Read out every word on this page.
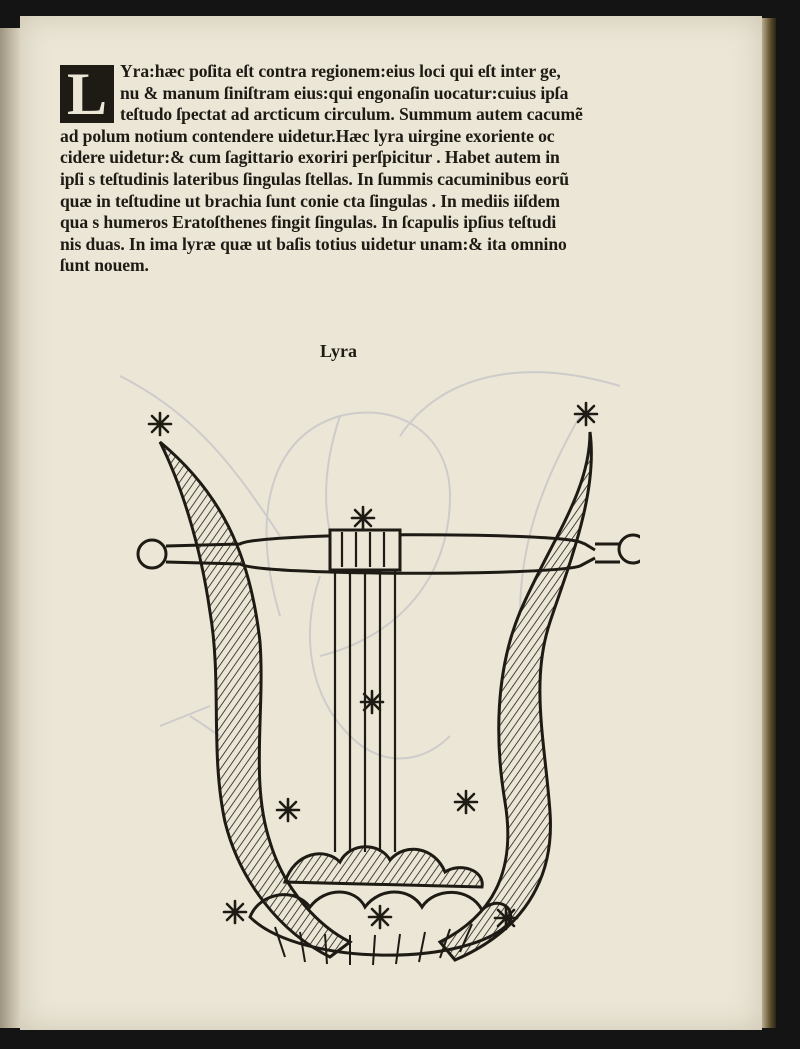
L Yra:hæc poſita eſt contra regionem:eius loci qui eſt inter ge,
nu & manum ſiniſtram eius:qui engonaſin uocatur:cuius ipſa
teſtudo ſpectat ad arcticum circulum. Summum autem cacumẽ
ad polum notium contendere uidetur.Hæc lyra uirgine exoriente oc
cidere uidetur:& cum ſagittario exoriri perſpicitur . Habet autem in
ipſi s teſtudinis lateribus ſingulas ſtellas. In ſummis cacuminibus eorũ
quæ in teſtudine ut brachia ſunt conie cta ſingulas . In mediis iiſdem
qua s humeros Eratoſthenes fingit ſingulas. In ſcapulis ipſius teſtudi
nis duas. In ima lyræ quæ ut baſis totius uidetur unam:& ita omnino
ſunt nouem.
Lyra
